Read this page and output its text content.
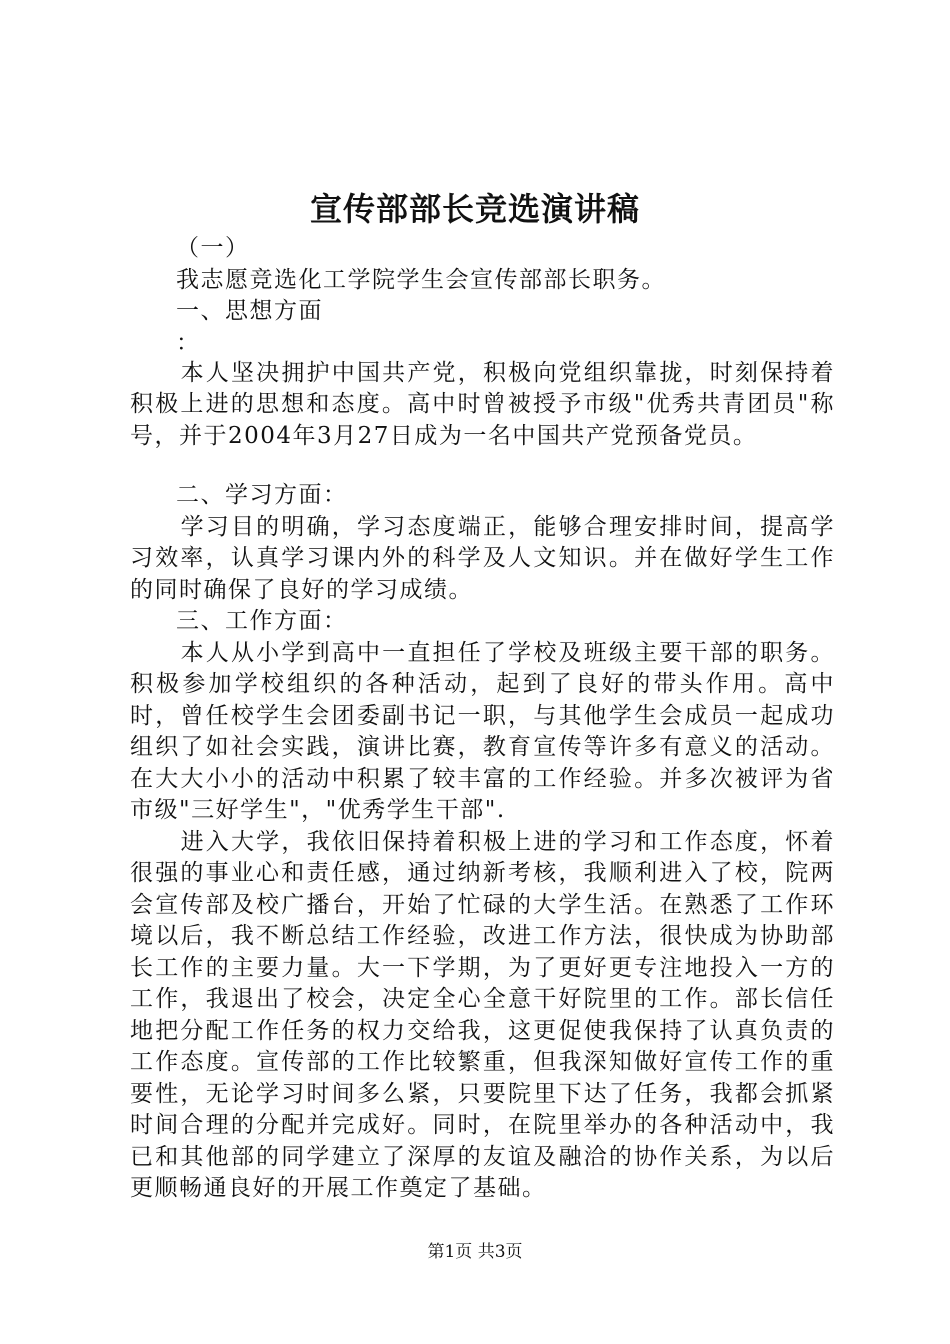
宣传部部长竞选演讲稿

（一）

我志愿竞选化工学院学生会宣传部部长职务。

一、思想方面

：

本人坚决拥护中国共产党，积极向党组织靠拢，时刻保持着积极上进的思想和态度。高中时曾被授予市级"优秀共青团员"称号，并于2004年3月27日成为一名中国共产党预备党员。

二、学习方面：

学习目的明确，学习态度端正，能够合理安排时间，提高学习效率，认真学习课内外的科学及人文知识。并在做好学生工作的同时确保了良好的学习成绩。

三、工作方面：

本人从小学到高中一直担任了学校及班级主要干部的职务。积极参加学校组织的各种活动，起到了良好的带头作用。高中时，曾任校学生会团委副书记一职，与其他学生会成员一起成功组织了如社会实践，演讲比赛，教育宣传等许多有意义的活动。在大大小小的活动中积累了较丰富的工作经验。并多次被评为省市级"三好学生"，"优秀学生干部".

进入大学，我依旧保持着积极上进的学习和工作态度，怀着很强的事业心和责任感，通过纳新考核，我顺利进入了校，院两会宣传部及校广播台，开始了忙碌的大学生活。在熟悉了工作环境以后，我不断总结工作经验，改进工作方法，很快成为协助部长工作的主要力量。大一下学期，为了更好更专注地投入一方的工作，我退出了校会，决定全心全意干好院里的工作。部长信任地把分配工作任务的权力交给我，这更促使我保持了认真负责的工作态度。宣传部的工作比较繁重，但我深知做好宣传工作的重要性，无论学习时间多么紧，只要院里下达了任务，我都会抓紧时间合理的分配并完成好。同时，在院里举办的各种活动中，我已和其他部的同学建立了深厚的友谊及融洽的协作关系，为以后更顺畅通良好的开展工作奠定了基础。

第1页 共3页
